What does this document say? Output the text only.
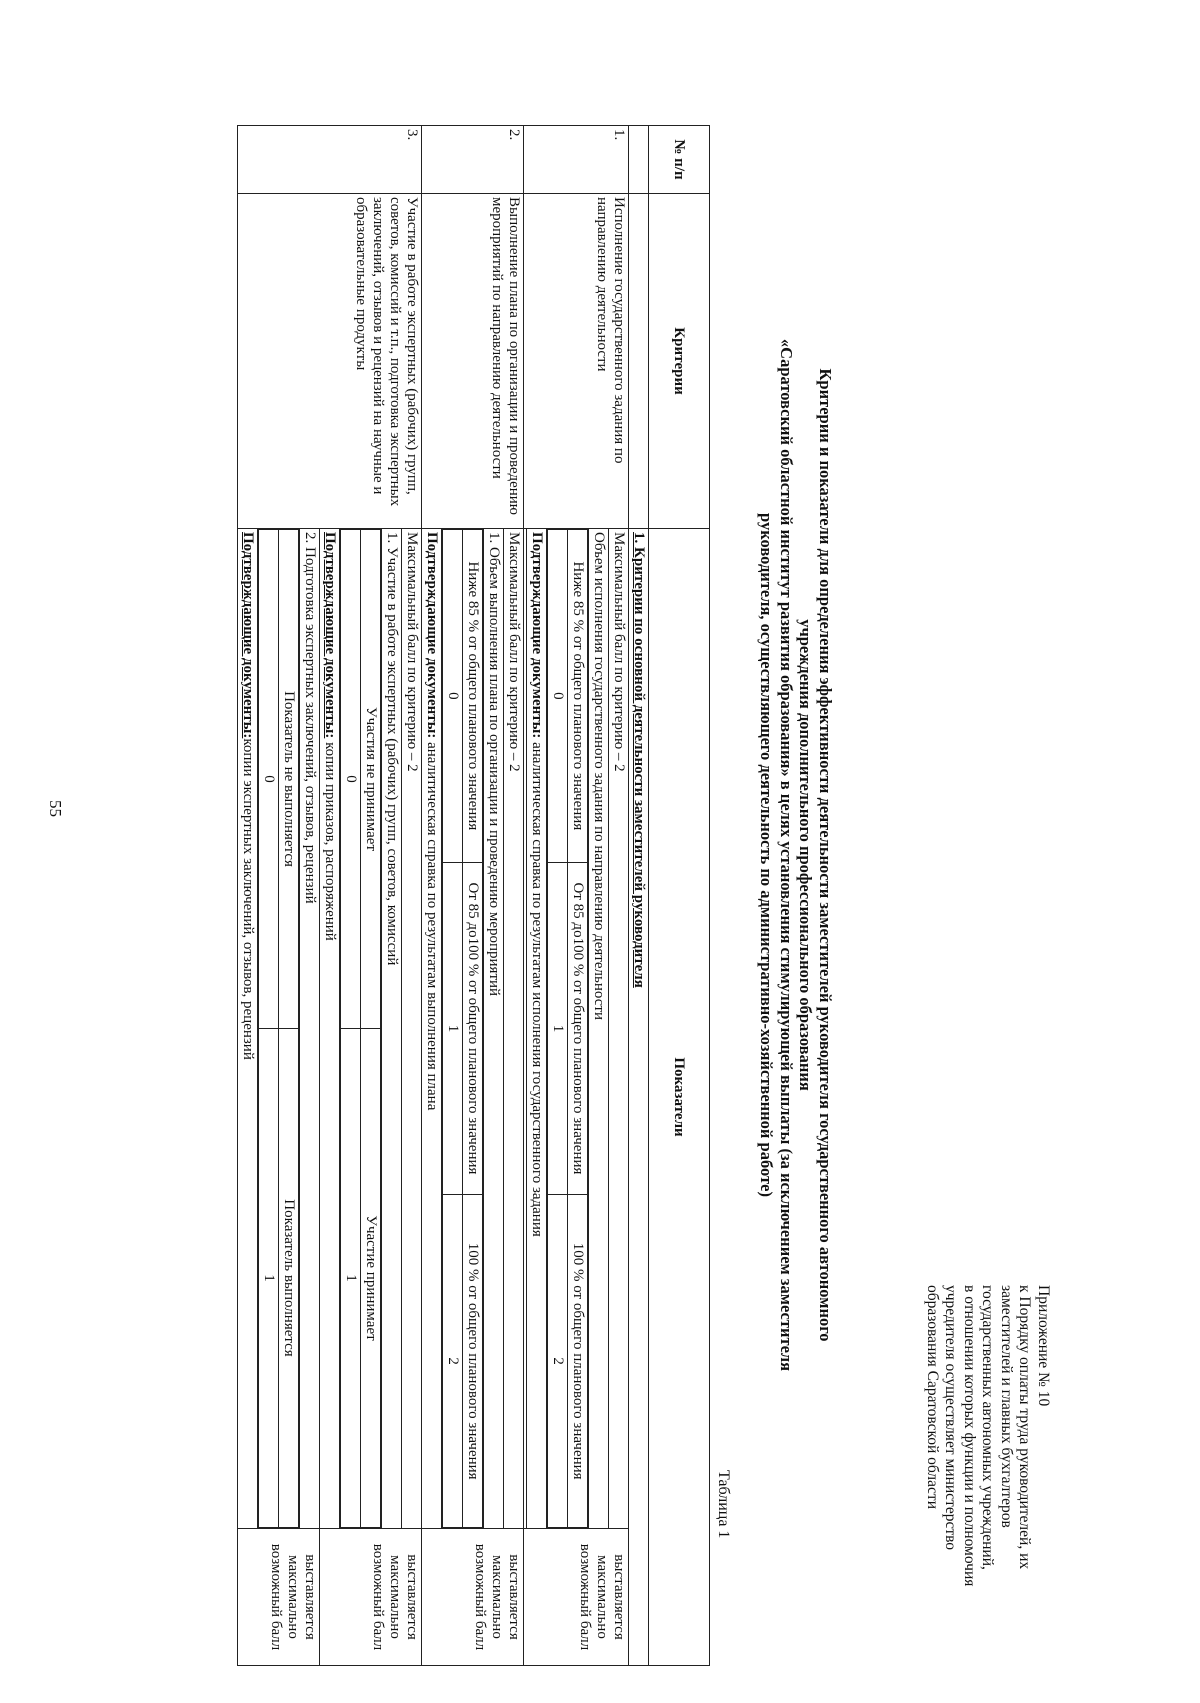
55
Приложение № 10
к Порядку оплаты труда руководителей, их
заместителей и главных бухгалтеров
государственных автономных учреждений,
в отношении которых функции и полномочия
учредителя осуществляет министерство
образования Саратовской области
Критерии и показатели для определения эффективности деятельности заместителей руководителя государственного автономного
учреждения дополнительного профессионального образования
«Саратовский областной институт развития образования» в целях установления стимулирующей выплаты (за исключением заместителя
руководителя, осуществляющего деятельность по административно-хозяйственной работе)
Таблица 1
№ п/п	Критерии	Показатели
		1. Критерии по основной деятельности заместителей руководителя
1.	Исполнение государственного задания по направлению деятельности	Максимальный балл по критерию – 2	выставляется максимально возможный балл
Объем исполнения государственного задания по направлению деятельности

Ниже 85 % от общего планового значения	От 85 до100 % от общего планового значения	100 % от общего планового значения
0	1	2

Подтверждающие документы: аналитическая справка по результатам исполнения государственного задания

2.	Выполнение плана по организации и проведению мероприятий по направлению деятельности	Максимальный балл по критерию – 2	выставляется максимально возможный балл
1. Объем выполнения плана по организации и проведению мероприятий

Ниже 85 % от общего планового значения	От 85 до100 % от общего планового значения	100 % от общего планового значения
0	1	2

Подтверждающие документы: аналитическая справка по результатам выполнения плана
3.	Участие в работе экспертных (рабочих) групп, советов, комиссий и т.п., подготовка экспертных заключений, отзывов и рецензий на научные и образовательные продукты	Максимальный балл по критерию – 2	выставляется максимально возможный балл

1. Участие в работе экспертных (рабочих) групп, советов, комиссий
Участия не принимает	Участие принимает
0	1
Подтверждающие документы: копии приказов, распоряжений

2. Подготовка экспертных заключений, отзывов, рецензий
Показатель не выполняется	Показатель выполняется
0	1
Подтверждающие документы:копии экспертных заключений, отзывов, рецензий
	выставляется максимально возможный балл
